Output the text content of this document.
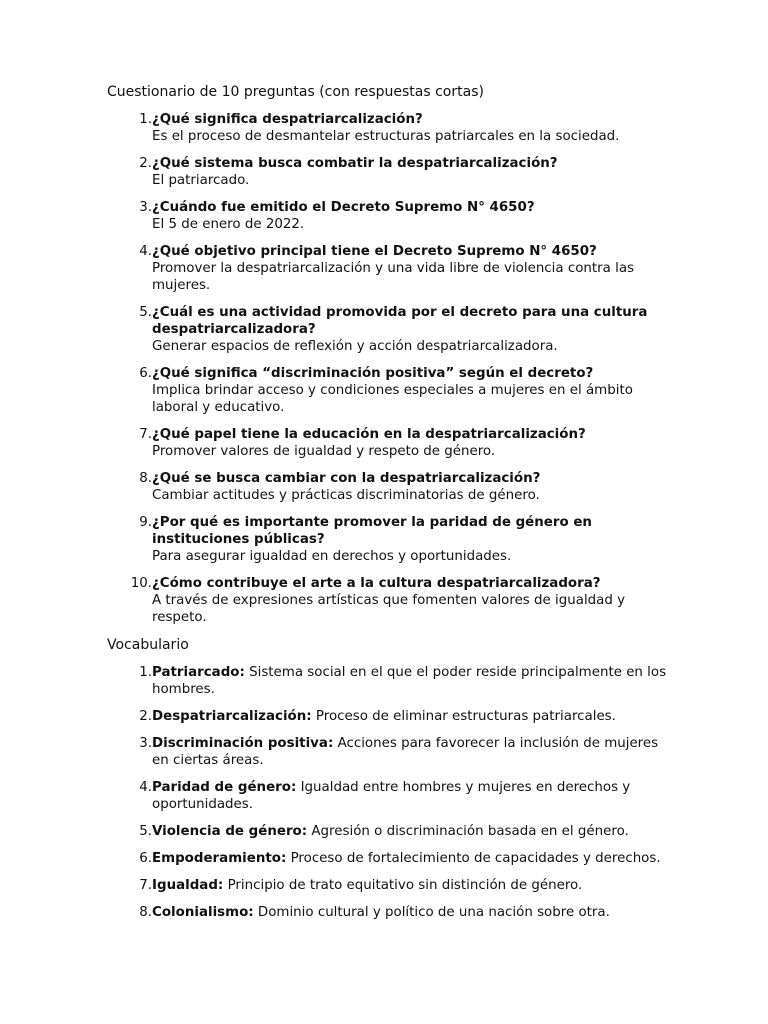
Cuestionario de 10 preguntas (con respuestas cortas)
1. ¿Qué significa despatriarcalización?
Es el proceso de desmantelar estructuras patriarcales en la sociedad.
2. ¿Qué sistema busca combatir la despatriarcalización?
El patriarcado.
3. ¿Cuándo fue emitido el Decreto Supremo N° 4650?
El 5 de enero de 2022.
4. ¿Qué objetivo principal tiene el Decreto Supremo N° 4650?
Promover la despatriarcalización y una vida libre de violencia contra las mujeres.
5. ¿Cuál es una actividad promovida por el decreto para una cultura despatriarcalizadora?
Generar espacios de reflexión y acción despatriarcalizadora.
6. ¿Qué significa “discriminación positiva” según el decreto?
Implica brindar acceso y condiciones especiales a mujeres en el ámbito laboral y educativo.
7. ¿Qué papel tiene la educación en la despatriarcalización?
Promover valores de igualdad y respeto de género.
8. ¿Qué se busca cambiar con la despatriarcalización?
Cambiar actitudes y prácticas discriminatorias de género.
9. ¿Por qué es importante promover la paridad de género en instituciones públicas?
Para asegurar igualdad en derechos y oportunidades.
10. ¿Cómo contribuye el arte a la cultura despatriarcalizadora?
A través de expresiones artísticas que fomenten valores de igualdad y respeto.
Vocabulario
1. Patriarcado: Sistema social en el que el poder reside principalmente en los hombres.
2. Despatriarcalización: Proceso de eliminar estructuras patriarcales.
3. Discriminación positiva: Acciones para favorecer la inclusión de mujeres en ciertas áreas.
4. Paridad de género: Igualdad entre hombres y mujeres en derechos y oportunidades.
5. Violencia de género: Agresión o discriminación basada en el género.
6. Empoderamiento: Proceso de fortalecimiento de capacidades y derechos.
7. Igualdad: Principio de trato equitativo sin distinción de género.
8. Colonialismo: Dominio cultural y político de una nación sobre otra.
